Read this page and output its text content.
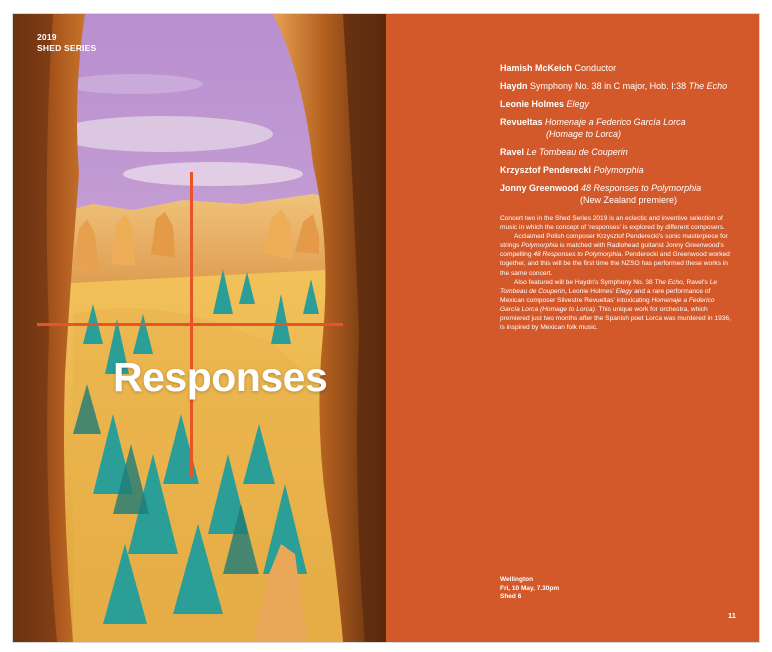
2019
SHED SERIES
Responses
Hamish McKeich Conductor
Haydn Symphony No. 38 in C major, Hob. I:38 The Echo
Leonie Holmes Elegy
Revueltas Homenaje a Federico García Lorca
(Homage to Lorca)
Ravel Le Tombeau de Couperin
Krzysztof Penderecki Polymorphia
Jonny Greenwood 48 Responses to Polymorphia
(New Zealand premiere)

Concert two in the Shed Series 2019 is an eclectic and inventive selection of music in which the concept of 'responses' is explored by different composers.

Acclaimed Polish composer Krzysztof Penderecki's sonic masterpiece for strings Polymorphia is matched with Radiohead guitarist Jonny Greenwood's compelling 48 Responses to Polymorphia. Penderecki and Greenwood worked together, and this will be the first time the NZSO has performed these works in the same concert.

Also featured will be Haydn's Symphony No. 38 The Echo, Ravel's Le Tombeau de Couperin, Leonie Holmes' Elegy and a rare performance of Mexican composer Silvestre Revueltas' intoxicating Homenaje a Federico García Lorca (Homage to Lorca). This unique work for orchestra, which premiered just two months after the Spanish poet Lorca was murdered in 1936, is inspired by Mexican folk music.

Wellington
Fri, 10 May, 7.30pm
Shed 6
11
